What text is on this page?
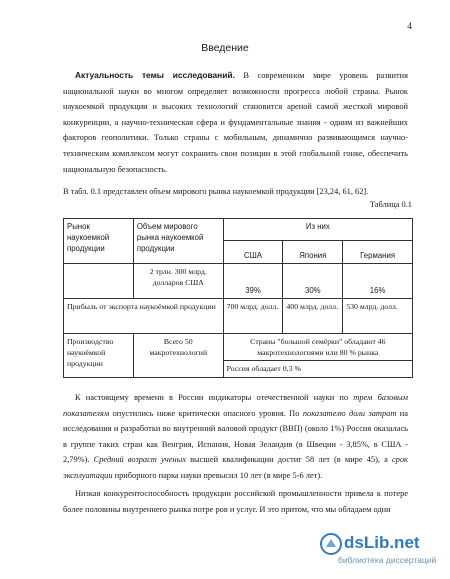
4
Введение
Актуальность темы исследований. В современном мире уровень развития национальной науки во многом определяет возможности прогресса любой страны. Рынок наукоемкой продукции и высоких технологий становится ареной самой жесткой мировой конкуренции, а научно-техническая сфера и фундаментальные знания - одним из важнейших факторов геополитики. Только страны с мобильным, динамично развивающимся научно-техническим комплексом могут сохранить свои позиции в этой глобальной гонке, обеспечить национальную безопасность.
В табл. 0.1 представлен объем мирового рынка наукоемкой продукции [23,24, 61, 62].
Таблица 0.1
Рынок наукоемкой продукции	Объем мирового рынка наукоемкой продукции	Из них		
		США	Япония	Германия
	2 трлн. 300 млрд. долларов США	39%	30%	16%
Прибыль от экспорта наукоёмкой продукции		700 млрд. долл.	400 млрд. долл.	530 млрд. долл.
Производство наукоёмкой продукции	Всего 50 макротехнологий	Страны "большой семёрки" обладают 46 макротехнологиями или 80 % рынка		
		Россия обладает 0,3 %		
К настоящему времени в России индикаторы отечественной науки по трем базовым показателям опустились ниже критически опасного уровня. По показателю доли затрат на исследования и разработки во внутренний валовой продукт (ВВП) (около 1%) Россия оказалась в группе таких стран как Венгрия, Испания, Новая Зеландия (в Швеции - 3,85%, в США - 2,79%). Средний возраст ученых высшей квалификации достиг 58 лет (в мире 45), а срок эксплуатации приборного парка науки превысил 10 лет (в мире 5-6 лет).
Низкая конкурентоспособность продукции российской промышленности привела к потере более половины внутреннего рынка потре ров и услуг. И это притом, что мы обладаем одни
dsLib.net
библиотека диссертаций
